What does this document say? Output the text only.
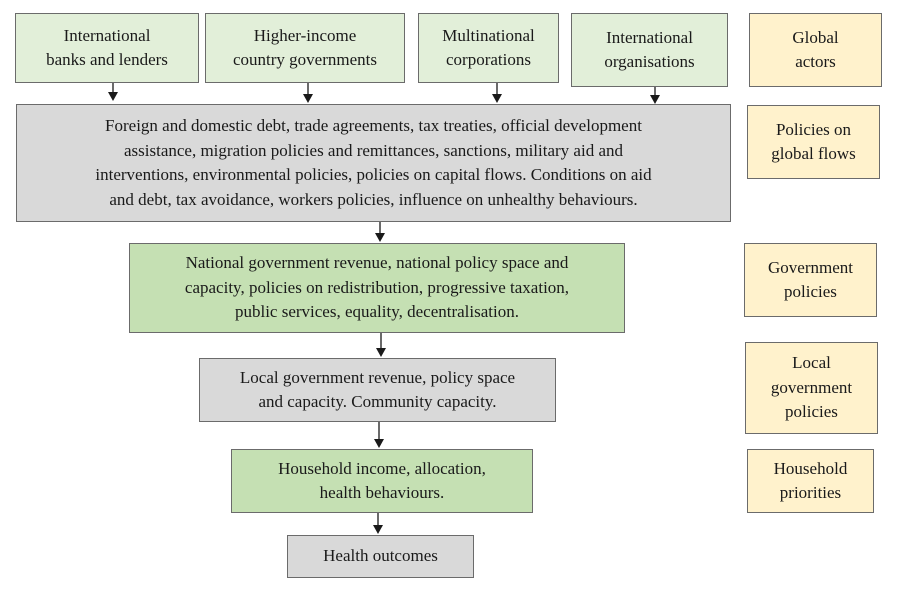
International
banks and lenders
Higher-income
country governments
Multinational
corporations
International
organisations
Foreign and domestic debt, trade agreements, tax treaties, official development
assistance, migration policies and remittances, sanctions, military aid and
interventions, environmental policies, policies on capital flows. Conditions on aid
and debt, tax avoidance, workers policies, influence on unhealthy behaviours.
National government revenue, national policy space and
capacity, policies on redistribution, progressive taxation,
public services, equality, decentralisation.
Local government revenue, policy space
and capacity. Community capacity.
Household income, allocation,
health behaviours.
Health outcomes
Global
actors
Policies on
global flows
Government
policies
Local
government
policies
Household
priorities
